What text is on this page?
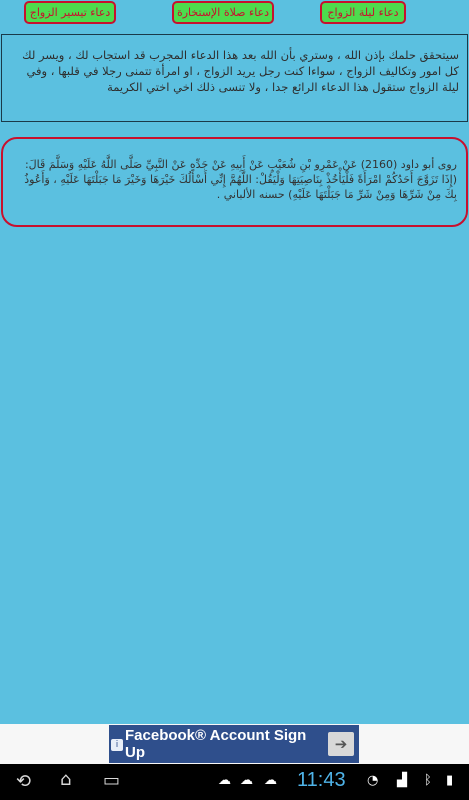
دعاء ليلة الزواج
دعاء صلاة الإستخارة
دعاء تيسير الزواج

سيتحقق حلمك بإذن الله ، وستري بأن الله بعد هذا الدعاء المجرب قد استجاب لك ، ويسر لك كل امور وتكاليف الزواج ، سواءا كنت رجل يريد الزواج ، او امرأة تتمنى رجلا في قلبها ، وفي ليلة الزواج ستقول هذا الدعاء الرائع جدا ، ولا تنسى ذلك اخي اختي الكريمة

روى أبو داود (2160) عَنْ عَمْرِو بْنِ شُعَيْبٍ عَنْ أَبِيهِ عَنْ جَدِّهِ عَنْ النَّبِيِّ صَلَّى اللَّهُ عَلَيْهِ وَسَلَّمَ قَالَ: (إِذَا تَزَوَّجَ أَحَدُكُمْ امْرَأَةً فَلْيَأْخُذْ بِنَاصِيَتِهَا وَلْيَقُلْ: اللَّهُمَّ إِنِّي أَسْأَلُكَ خَيْرَهَا وَخَيْرَ مَا جَبَلْتَهَا عَلَيْهِ ، وَأَعُوذُ بِكَ مِنْ شَرِّهَا وَمِنْ شَرِّ مَا جَبَلْتَهَا عَلَيْهِ) حسنه الألباني .

i
Facebook® Account Sign Up	➔
⟲ ⌂ ▭	☁ ☁ ☁ 11:43 ◔ ▟ ᛒ ▮
